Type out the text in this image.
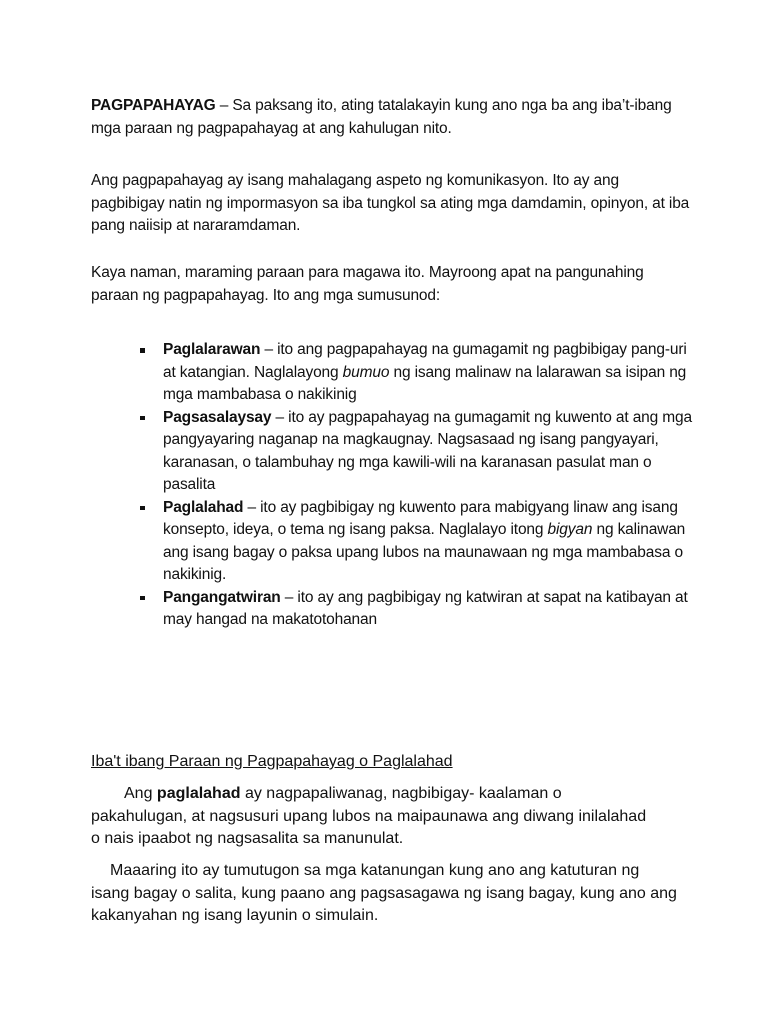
PAGPAPAHAYAG – Sa paksang ito, ating tatalakayin kung ano nga ba ang iba’t-ibang mga paraan ng pagpapahayag at ang kahulugan nito.

Ang pagpapahayag ay isang mahalagang aspeto ng komunikasyon. Ito ay ang pagbibigay natin ng impormasyon sa iba tungkol sa ating mga damdamin, opinyon, at iba pang naiisip at nararamdaman.

Kaya naman, maraming paraan para magawa ito. Mayroong apat na pangunahing paraan ng pagpapahayag. Ito ang mga sumusunod:

Paglalarawan – ito ang pagpapahayag na gumagamit ng pagbibigay pang-uri at katangian. Naglalayong bumuo ng isang malinaw na lalarawan sa isipan ng mga mambabasa o nakikinig
Pagsasalaysay – ito ay pagpapahayag na gumagamit ng kuwento at ang mga pangyayaring naganap na magkaugnay. Nagsasaad ng isang pangyayari, karanasan, o talambuhay ng mga kawili-wili na karanasan pasulat man o pasalita
Paglalahad – ito ay pagbibigay ng kuwento para mabigyang linaw ang isang konsepto, ideya, o tema ng isang paksa. Naglalayo itong bigyan ng kalinawan ang isang bagay o paksa upang lubos na maunawaan ng mga mambabasa o nakikinig.
Pangangatwiran – ito ay ang pagbibigay ng katwiran at sapat na katibayan at may hangad na makatotohanan
Iba't ibang Paraan ng Pagpapahayag o Paglalahad

Ang paglalahad ay nagpapaliwanag, nagbibigay- kaalaman o pakahulugan, at nagsusuri upang lubos na maipaunawa ang diwang inilalahad o nais ipaabot ng nagsasalita sa manunulat.

Maaaring ito ay tumutugon sa mga katanungan kung ano ang katuturan ng isang bagay o salita, kung paano ang pagsasagawa ng isang bagay, kung ano ang kakanyahan ng isang layunin o simulain.
